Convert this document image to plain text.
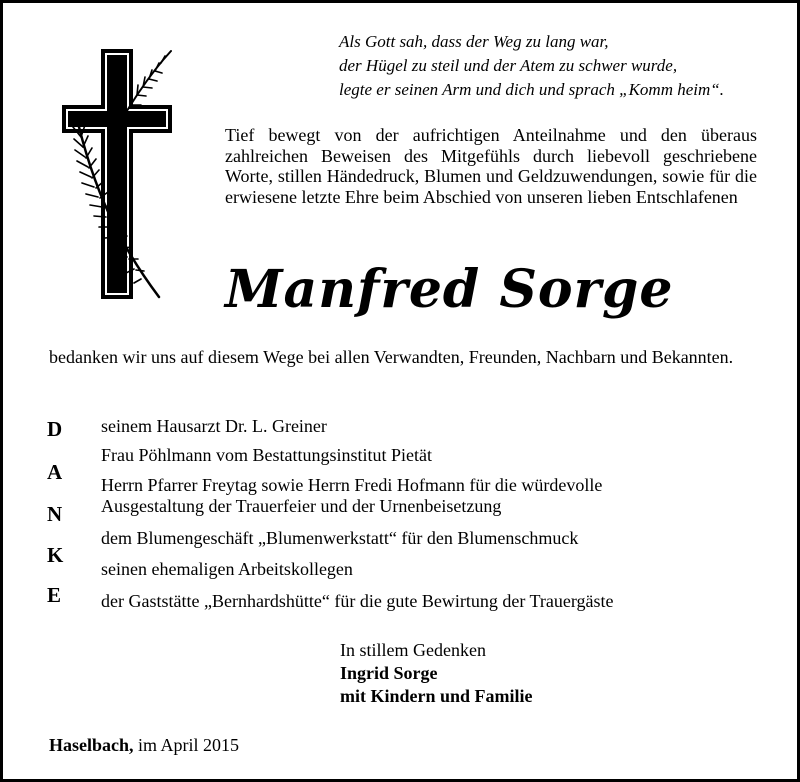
Als Gott sah, dass der Weg zu lang war,
der Hügel zu steil und der Atem zu schwer wurde,
legte er seinen Arm und dich und sprach „Komm heim“.
Tief bewegt von der aufrichtigen Anteilnahme und den überaus zahlreichen Beweisen des Mitgefühls durch liebevoll geschriebene Worte, stillen Händedruck, Blumen und Geldzuwendungen, sowie für die erwiesene letzte Ehre beim Abschied von unseren lieben Entschlafenen
Manfred Sorge
bedanken wir uns auf diesem Wege bei allen Verwandten, Freunden, Nachbarn und Bekannten.
D
A
N
K
E
seinem Hausarzt Dr. L. Greiner
Frau Pöhlmann vom Bestattungsinstitut Pietät
Herrn Pfarrer Freytag sowie Herrn Fredi Hofmann für die würdevolle
Ausgestaltung der Trauerfeier und der Urnenbeisetzung
dem Blumengeschäft „Blumenwerkstatt“ für den Blumenschmuck
seinen ehemaligen Arbeitskollegen
der Gaststätte „Bernhardshütte“ für die gute Bewirtung der Trauergäste
In stillem Gedenken
Ingrid Sorge
mit Kindern und Familie
Haselbach, im April 2015
